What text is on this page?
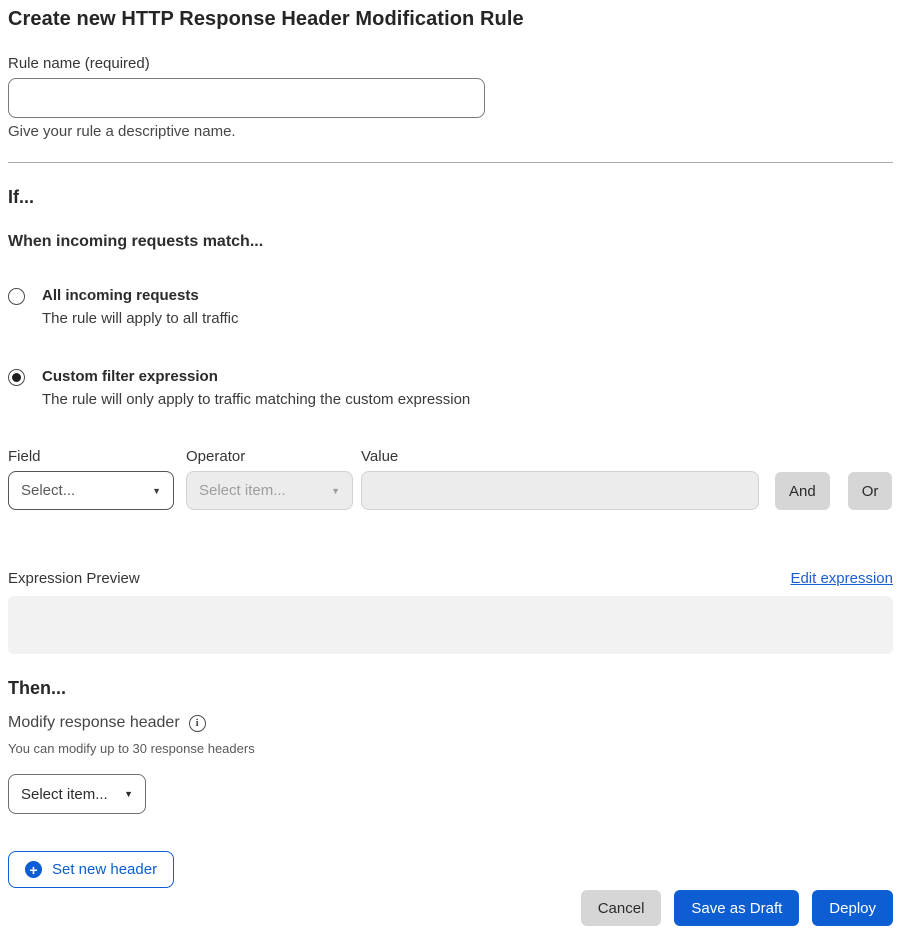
Create new HTTP Response Header Modification Rule
Rule name (required)
Give your rule a descriptive name.
If...
When incoming requests match...
All incoming requests
The rule will apply to all traffic
Custom filter expression
The rule will only apply to traffic matching the custom expression
Field
Select...	▼
Operator
Select item...	▼
Value
And	Or
Expression Preview	Edit expression
Then...
Modify response header	i
You can modify up to 30 response headers
Select item... ▼
+ Set new header
Cancel	Save as Draft	Deploy
